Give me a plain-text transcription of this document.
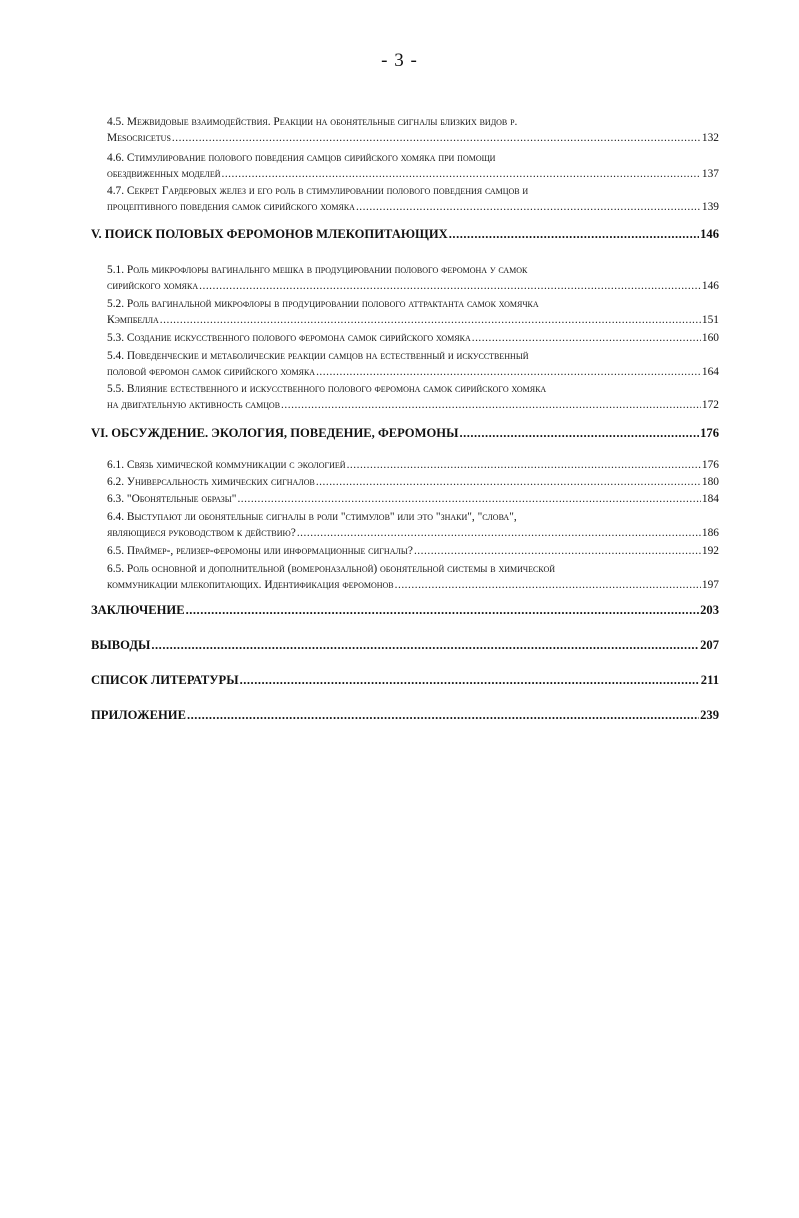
- 3 -
4.5. Межвидовые взаимодействия. Реакции на обонятельные сигналы близких видов р.
Mesocricetus .....	132
4.6. Стимулирование полового поведения самцов сирийского хомяка при помощи
обездвиженных моделей .....	137
4.7. Секрет Гардеровых желез и его роль в стимулировании полового поведения самцов и
процептивного поведения самок сирийского хомяка .....	139
V. ПОИСК ПОЛОВЫХ ФЕРОМОНОВ МЛЕКОПИТАЮЩИХ .....	146
5.1. Роль микрофлоры вагинальнго мешка в продуцировании полового феромона у самок
сирийского хомяка .....	146
5.2. Роль вагинальной микрофлоры в продуцировании полового аттрактанта самок хомячка
Кэмпбелла .....	151
5.3. Создание искусственного полового феромона самок сирийского хомяка .....	160
5.4. Поведенческие и метаболические реакции самцов на естественный и искусственный
половой феромон самок сирийского хомяка .....	164
5.5. Влияние естественного и искусственного полового феромона самок сирийского хомяка
на двигательную активность самцов .....	172
VI. ОБСУЖДЕНИЕ. ЭКОЛОГИЯ, ПОВЕДЕНИЕ, ФЕРОМОНЫ .....	176
6.1. Связь химической коммуникации с экологией .....	176
6.2. Универсальность химических сигналов .....	180
6.3. "Обонятельные образы" .....	184
6.4. Выступают ли обонятельные сигналы в роли "стимулов" или это "знаки", "слова",
являющиеся руководством к действию? .....	186
6.5. Праймер-, релизер-феромоны или информационные сигналы? .....	192
6.5. Роль основной и дополнительной (вомероназальной) обонятельной системы в химической
коммуникации млекопитающих. Идентификация феромонов .....	197
ЗАКЛЮЧЕНИЕ .....	203
ВЫВОДЫ .....	207
СПИСОК ЛИТЕРАТУРЫ .....	211
ПРИЛОЖЕНИЕ .....	239
